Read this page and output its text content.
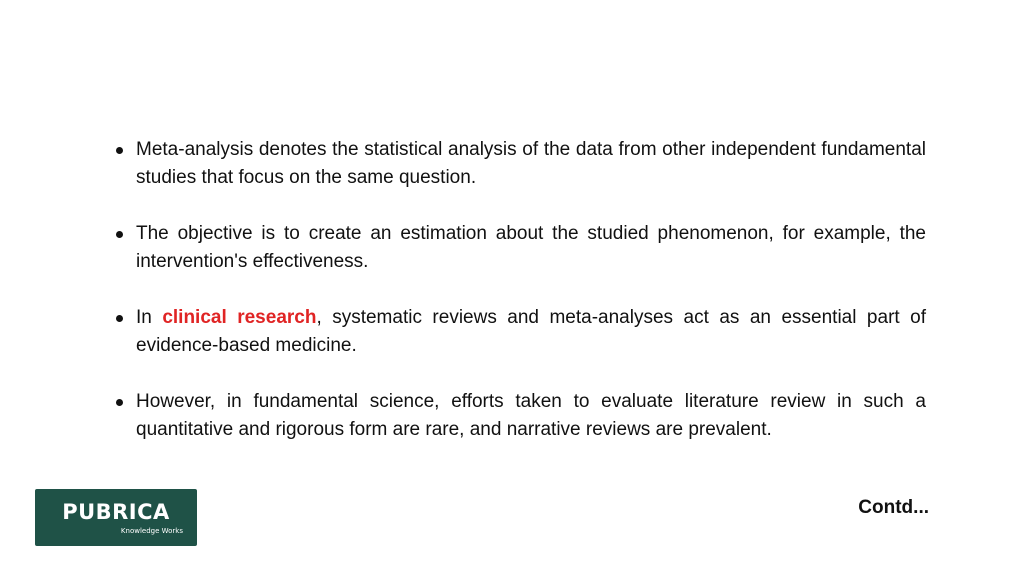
Meta-analysis denotes the statistical analysis of the data from other independent fundamental studies that focus on the same question.
The objective is to create an estimation about the studied phenomenon, for example, the intervention's effectiveness.
In clinical research, systematic reviews and meta-analyses act as an essential part of evidence-based medicine.
However, in fundamental science, efforts taken to evaluate literature review in such a quantitative and rigorous form are rare, and narrative reviews are prevalent.
PUBRICA
Knowledge Works
Contd...
